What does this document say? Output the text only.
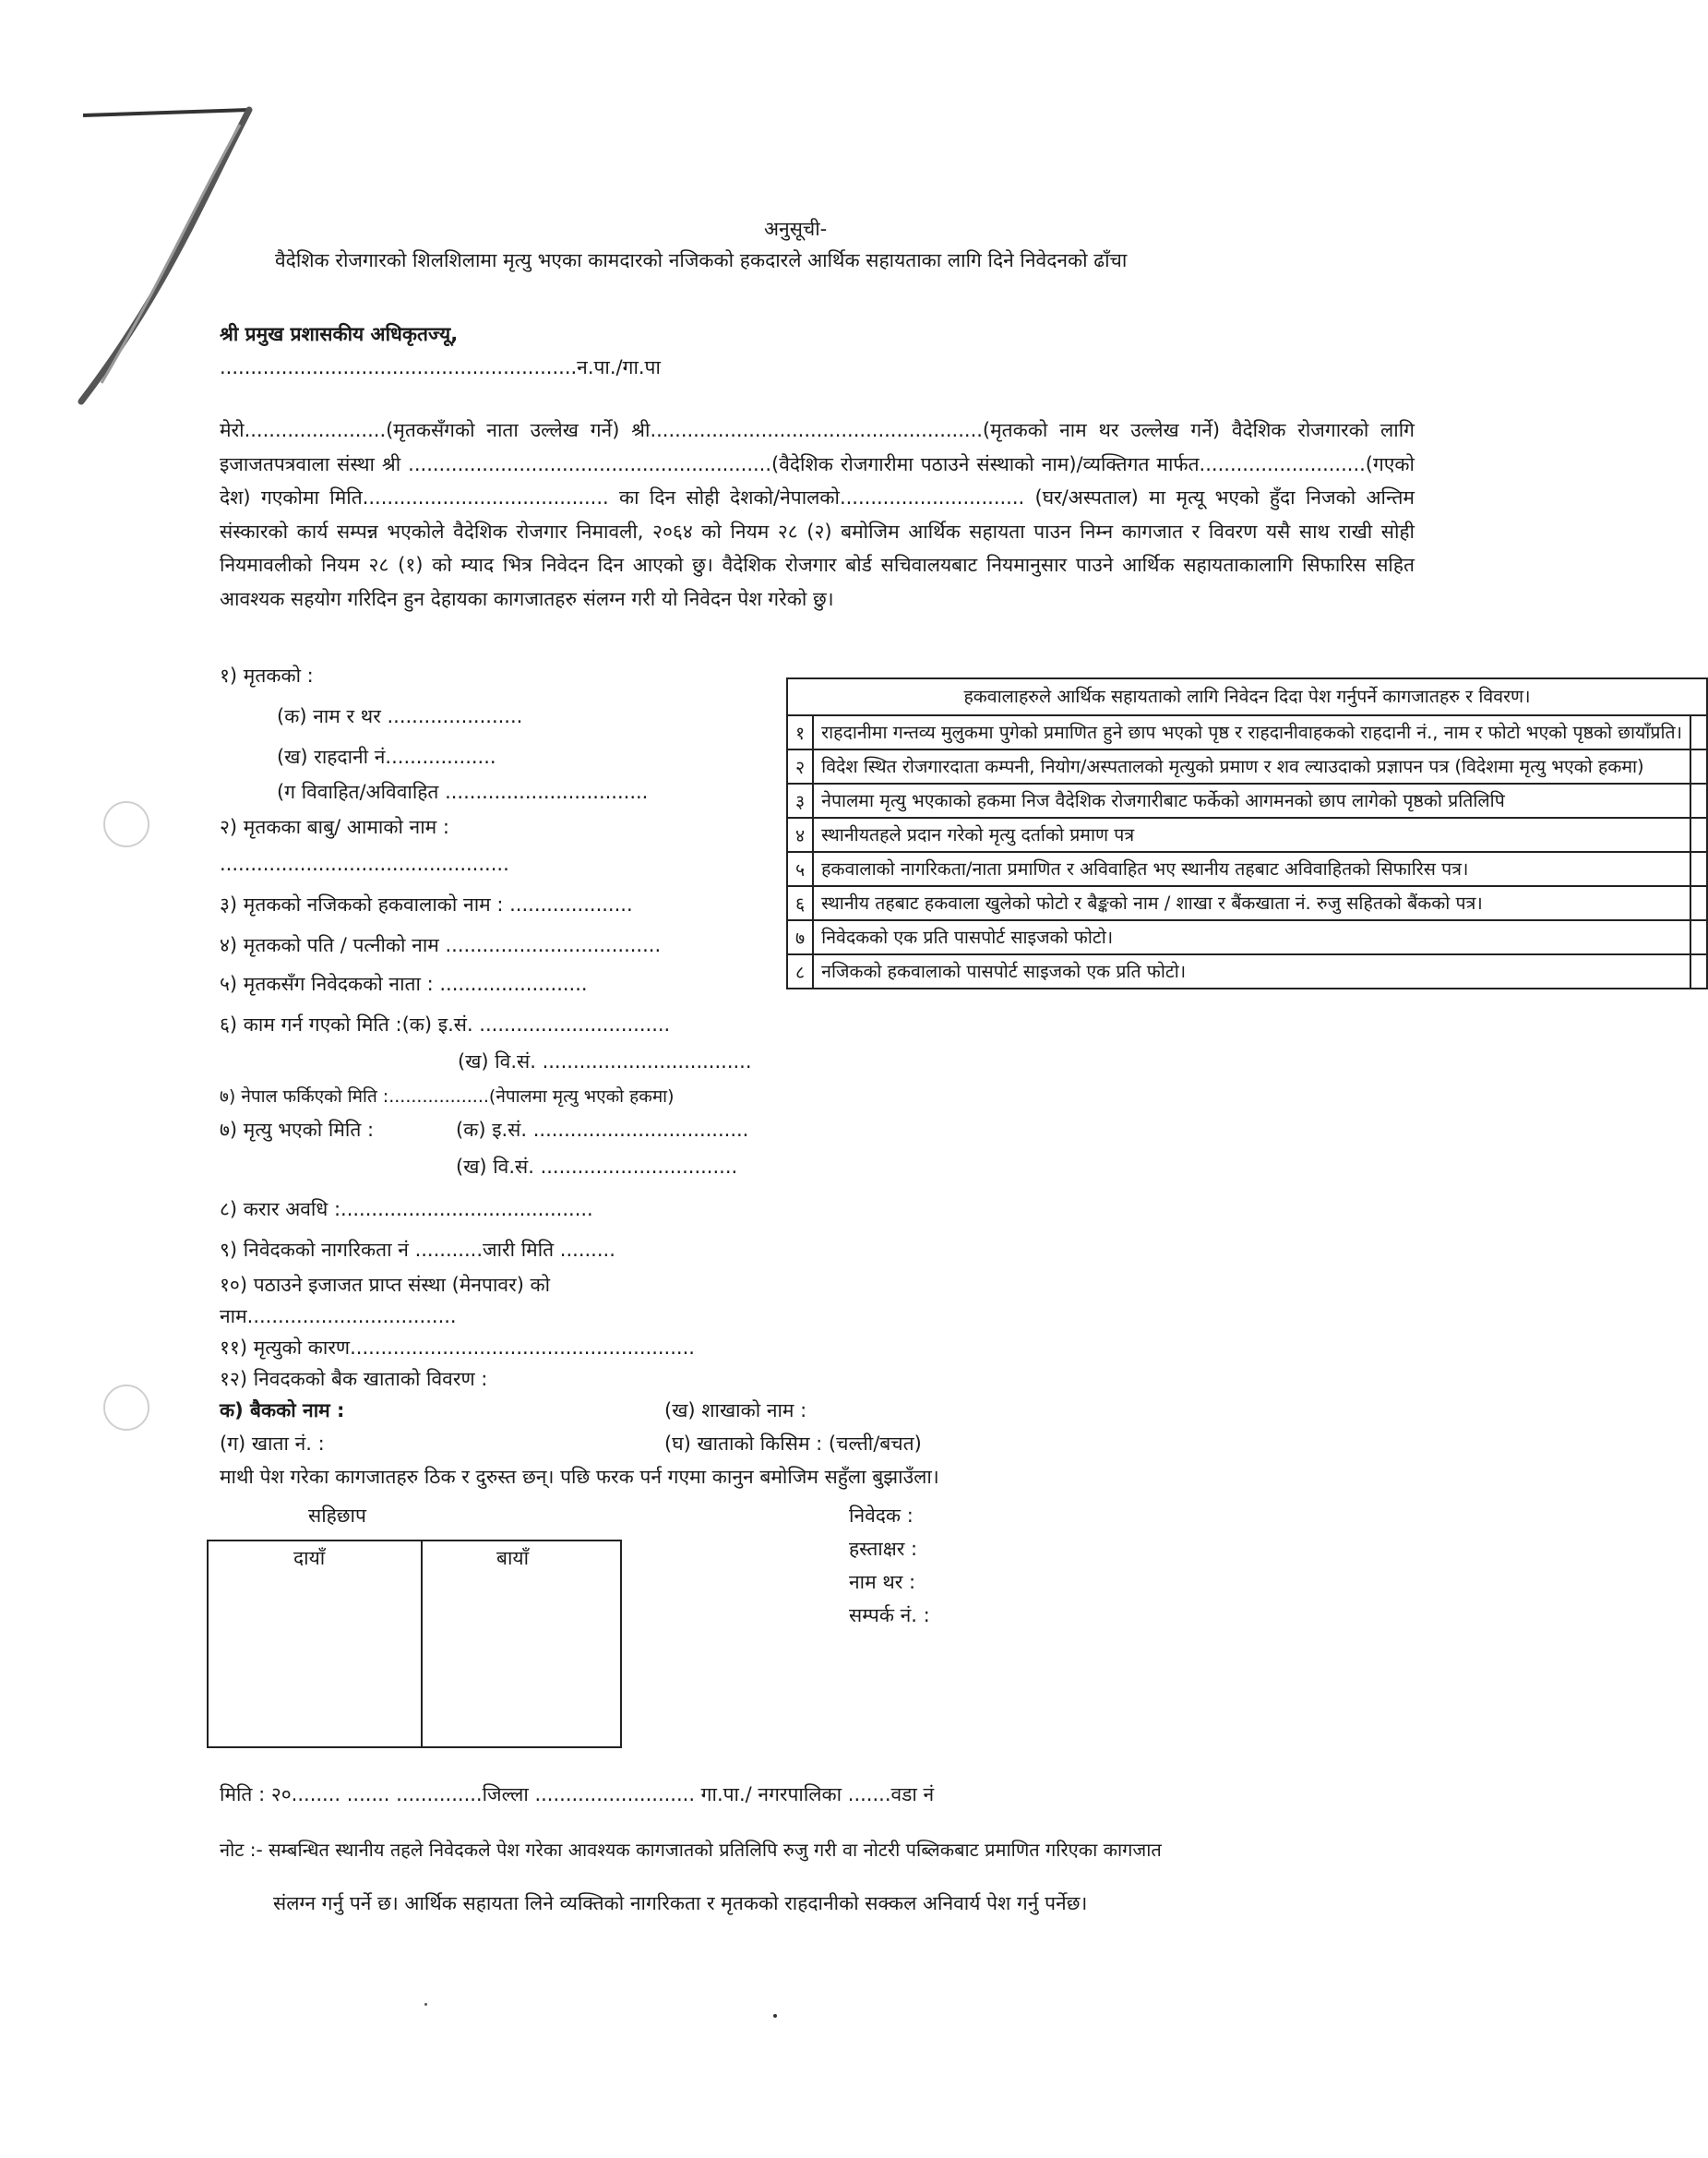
अनुसूची-
वैदेशिक रोजगारको शिलशिलामा मृत्यु भएका कामदारको नजिकको हकदारले आर्थिक सहायताका लागि दिने निवेदनको ढाँचा
श्री प्रमुख प्रशासकीय अधिकृतज्यू,
..........................................................न.पा./गा.पा
मेरो.......................(मृतकसँगको नाता उल्लेख गर्ने) श्री......................................................(मृतकको नाम थर उल्लेख गर्ने) वैदेशिक रोजगारको लागि इजाजतपत्रवाला संस्था श्री ...........................................................(वैदेशिक रोजगारीमा पठाउने संस्थाको नाम)/व्यक्तिगत मार्फत...........................(गएको देश) गएकोमा मिति........................................ का दिन सोही देशको/नेपालको.............................. (घर/अस्पताल) मा मृत्यू भएको हुँदा निजको अन्तिम संस्कारको कार्य सम्पन्न भएकोले वैदेशिक रोजगार निमावली, २०६४ को नियम २८ (२) बमोजिम आर्थिक सहायता पाउन निम्न कागजात र विवरण यसै साथ राखी सोही नियमावलीको नियम २८ (१) को म्याद भित्र निवेदन दिन आएको छु। वैदेशिक रोजगार बोर्ड सचिवालयबाट नियमानुसार पाउने आर्थिक सहायताकालागि सिफारिस सहित आवश्यक सहयोग गरिदिन हुन देहायका कागजातहरु संलग्न गरी यो निवेदन पेश गरेको छु।
१) मृतकको :
(क) नाम र थर ......................
(ख) राहदानी नं..................
(ग विवाहित/अविवाहित .................................
२) मृतकका बाबु/ आमाको नाम :
...............................................
३) मृतकको नजिकको हकवालाको नाम : ....................
४) मृतकको पति / पत्नीको नाम ...................................
५) मृतकसँग निवेदकको नाता : ........................
६) काम गर्न गएको मिति :(क) इ.सं. ...............................
(ख) वि.सं. ..................................
७) नेपाल फर्किएको मिति :..................(नेपालमा मृत्यु भएको हकमा)
७) मृत्यु भएको मिति :	(क) इ.सं. ...................................
(ख) वि.सं. ................................
८) करार अवधि :.........................................
९) निवेदकको नागरिकता नं ...........जारी मिति .........
१०) पठाउने इजाजत प्राप्त संस्था (मेनपावर) को
नाम..................................
११) मृत्युको कारण........................................................
१२) निवदकको बैक खाताको विवरण :
क) बैकको नाम :	(ख) शाखाको नाम :
(ग) खाता नं. :	(घ) खाताको किसिम : (चल्ती/बचत)
हकवालाहरुले आर्थिक सहायताको लागि निवेदन दिदा पेश गर्नुपर्ने कागजातहरु र विवरण।		
१	राहदानीमा गन्तव्य मुलुकमा पुगेको प्रमाणित हुने छाप भएको पृष्ठ र राहदानीवाहकको राहदानी नं., नाम र फोटो भएको पृष्ठको छायाँप्रति।	
२	विदेश स्थित रोजगारदाता कम्पनी, नियोग/अस्पतालको मृत्युको प्रमाण र शव ल्याउदाको प्रज्ञापन पत्र (विदेशमा मृत्यु भएको हकमा)	
३	नेपालमा मृत्यु भएकाको हकमा निज वैदेशिक रोजगारीबाट फर्केको आगमनको छाप लागेको पृष्ठको प्रतिलिपि	
४	स्थानीयतहले प्रदान गरेको मृत्यु दर्ताको प्रमाण पत्र	
५	हकवालाको नागरिकता/नाता प्रमाणित र अविवाहित भए स्थानीय तहबाट अविवाहितको सिफारिस पत्र।	
६	स्थानीय तहबाट हकवाला खुलेको फोटो र बैङ्कको नाम / शाखा र बैंकखाता नं. रुजु सहितको बैंकको पत्र।	
७	निवेदकको एक प्रति पासपोर्ट साइजको फोटो।	
८	नजिकको हकवालाको पासपोर्ट साइजको एक प्रति फोटो।	
माथी पेश गरेका कागजातहरु ठिक र दुरुस्त छन्। पछि फरक पर्न गएमा कानुन बमोजिम सहुँला बुझाउँला।
सहिछाप
दायाँ	बायाँ
निवेदक :
हस्ताक्षर :
नाम थर :
सम्पर्क नं. :
मिति : २०........ ....... ..............जिल्ला .......................... गा.पा./ नगरपालिका .......वडा नं
नोट :- सम्बन्धित स्थानीय तहले निवेदकले पेश गरेका आवश्यक कागजातको प्रतिलिपि रुजु गरी वा नोटरी पब्लिकबाट प्रमाणित गरिएका कागजात
संलग्न गर्नु पर्ने छ। आर्थिक सहायता लिने व्यक्तिको नागरिकता र मृतकको राहदानीको सक्कल अनिवार्य पेश गर्नु पर्नेछ।
